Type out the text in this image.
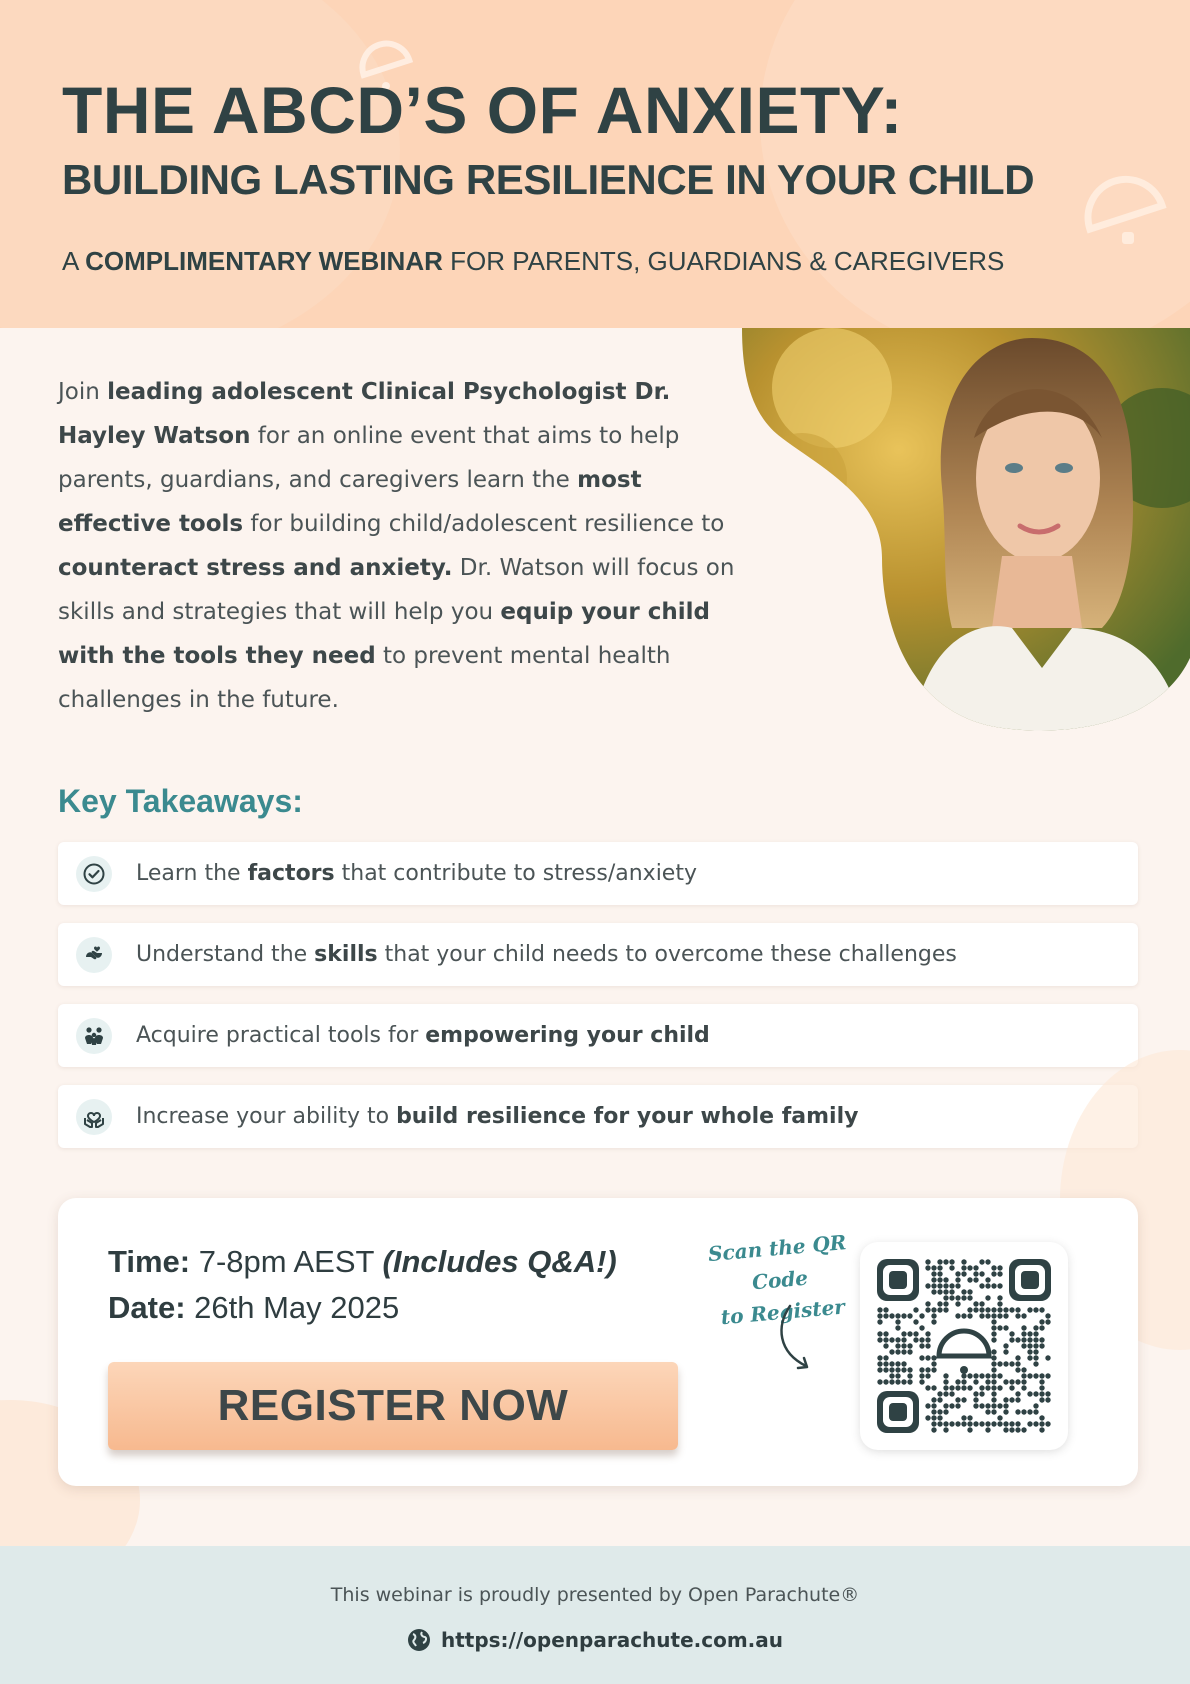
THE ABCD’S OF ANXIETY:
BUILDING LASTING RESILIENCE IN YOUR CHILD
A COMPLIMENTARY WEBINAR FOR PARENTS, GUARDIANS & CAREGIVERS

Join leading adolescent Clinical Psychologist Dr. Hayley Watson for an online event that aims to help parents, guardians, and caregivers learn the most effective tools for building child/adolescent resilience to counteract stress and anxiety. Dr. Watson will focus on skills and strategies that will help you equip your child with the tools they need to prevent mental health challenges in the future.

Key Takeaways:
Learn the factors that contribute to stress/anxiety
Understand the skills that your child needs to overcome these challenges
Acquire practical tools for empowering your child
Increase your ability to build resilience for your whole family
Time: 7-8pm AEST (Includes Q&A!)
Date: 26th May 2025
REGISTER NOW
Scan the QR Code
to Register
This webinar is proudly presented by Open Parachute®
https://openparachute.com.au
